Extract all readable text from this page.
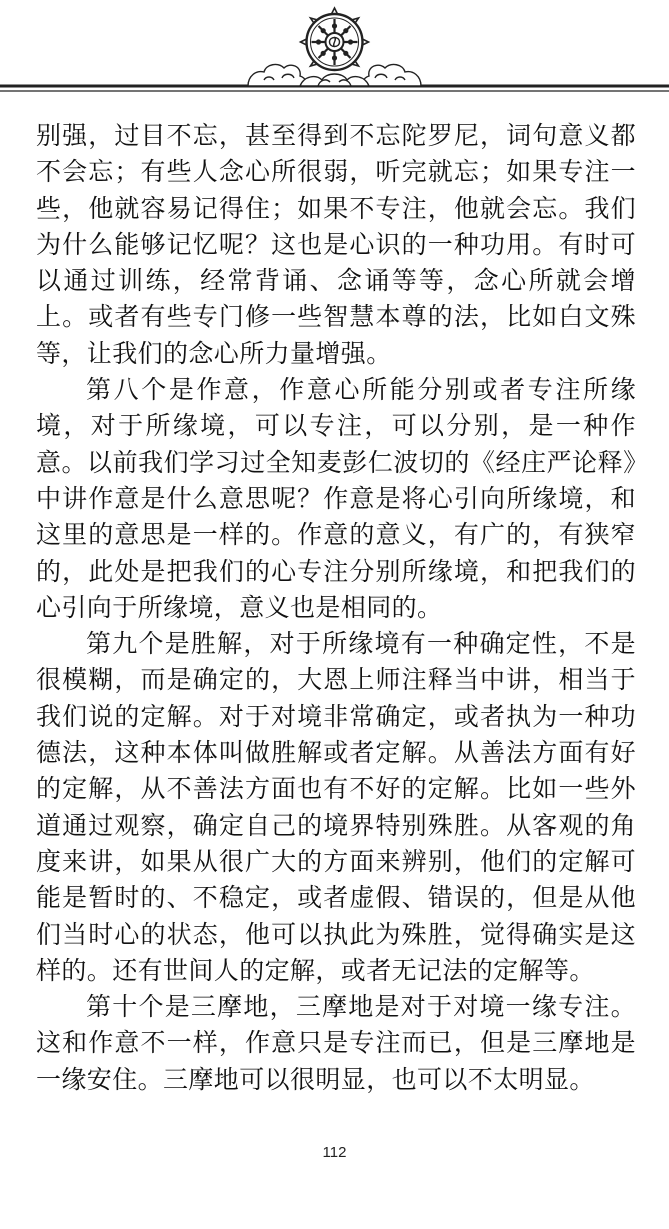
别强，过目不忘，甚至得到不忘陀罗尼，词句意义都不会忘；有些人念心所很弱，听完就忘；如果专注一些，他就容易记得住；如果不专注，他就会忘。我们为什么能够记忆呢？这也是心识的一种功用。有时可以通过训练，经常背诵、念诵等等，念心所就会增上。或者有些专门修一些智慧本尊的法，比如白文殊等，让我们的念心所力量增强。

第八个是作意，作意心所能分别或者专注所缘境，对于所缘境，可以专注，可以分别，是一种作意。以前我们学习过全知麦彭仁波切的《经庄严论释》中讲作意是什么意思呢？作意是将心引向所缘境，和这里的意思是一样的。作意的意义，有广的，有狭窄的，此处是把我们的心专注分别所缘境，和把我们的心引向于所缘境，意义也是相同的。

第九个是胜解，对于所缘境有一种确定性，不是很模糊，而是确定的，大恩上师注释当中讲，相当于我们说的定解。对于对境非常确定，或者执为一种功德法，这种本体叫做胜解或者定解。从善法方面有好的定解，从不善法方面也有不好的定解。比如一些外道通过观察，确定自己的境界特别殊胜。从客观的角度来讲，如果从很广大的方面来辨别，他们的定解可能是暂时的、不稳定，或者虚假、错误的，但是从他们当时心的状态，他可以执此为殊胜，觉得确实是这样的。还有世间人的定解，或者无记法的定解等。

第十个是三摩地，三摩地是对于对境一缘专注。这和作意不一样，作意只是专注而已，但是三摩地是一缘安住。三摩地可以很明显，也可以不太明显。

112
